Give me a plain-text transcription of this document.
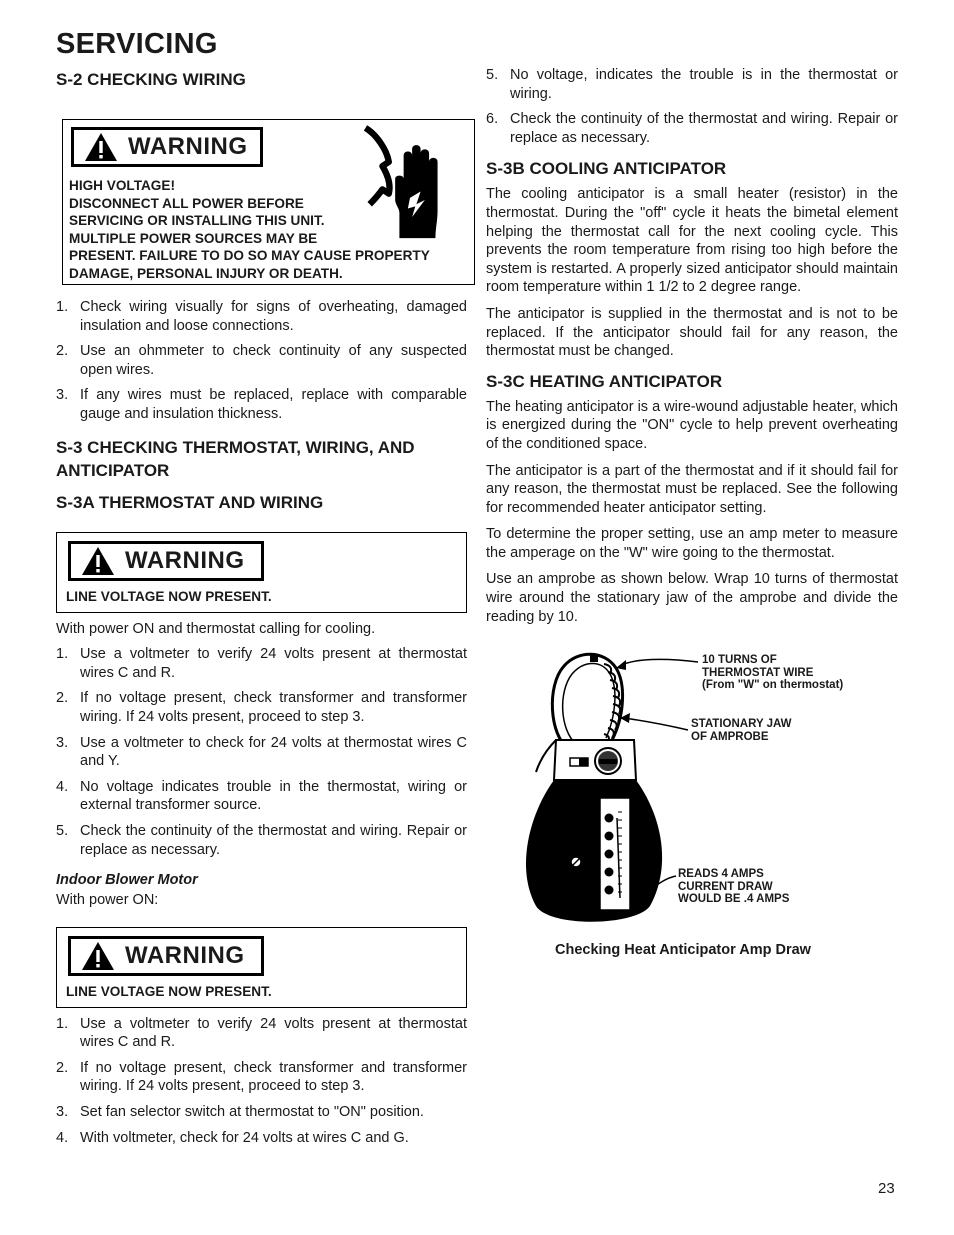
SERVICING
S-2 CHECKING WIRING
WARNING
HIGH VOLTAGE!
DISCONNECT ALL POWER BEFORE
SERVICING OR INSTALLING THIS UNIT.
MULTIPLE POWER SOURCES MAY BE
PRESENT. FAILURE TO DO SO MAY CAUSE PROPERTY
DAMAGE, PERSONAL INJURY OR DEATH.
1. Check wiring visually for signs of overheating, damaged insulation and loose connections.
2. Use an ohmmeter to check continuity of any suspected open wires.
3. If any wires must be replaced, replace with comparable gauge and insulation thickness.
S-3 CHECKING THERMOSTAT, WIRING, AND ANTICIPATOR
S-3A THERMOSTAT AND WIRING
WARNING
LINE VOLTAGE NOW PRESENT.

With power ON and thermostat calling for cooling.

1. Use a voltmeter to verify 24 volts present at thermostat wires C and R.
2. If no voltage present, check transformer and transformer wiring. If 24 volts present, proceed to step 3.
3. Use a voltmeter to check for 24 volts at thermostat wires C and Y.
4. No voltage indicates trouble in the thermostat, wiring or external transformer source.
5. Check the continuity of the thermostat and wiring. Repair or replace as necessary.

Indoor Blower Motor

With power ON:

WARNING
LINE VOLTAGE NOW PRESENT.
1. Use a voltmeter to verify 24 volts present at thermostat wires C and R.
2. If no voltage present, check transformer and transformer wiring. If 24 volts present, proceed to step 3.
3. Set fan selector switch at thermostat to "ON" position.
4. With voltmeter, check for 24 volts at wires C and G.
5. No voltage, indicates the trouble is in the thermostat or wiring.
6. Check the continuity of the thermostat and wiring. Repair or replace as necessary.
S-3B COOLING ANTICIPATOR

The cooling anticipator is a small heater (resistor) in the thermostat. During the "off" cycle it heats the bimetal element helping the thermostat call for the next cooling cycle. This prevents the room temperature from rising too high before the system is restarted. A properly sized anticipator should maintain room temperature within 1 1/2 to 2 degree range.

The anticipator is supplied in the thermostat and is not to be replaced. If the anticipator should fail for any reason, the thermostat must be changed.

S-3C HEATING ANTICIPATOR

The heating anticipator is a wire-wound adjustable heater, which is energized during the "ON" cycle to help prevent overheating of the conditioned space.

The anticipator is a part of the thermostat and if it should fail for any reason, the thermostat must be replaced. See the following for recommended heater anticipator setting.

To determine the proper setting, use an amp meter to measure the amperage on the "W" wire going to the thermostat.

Use an amprobe as shown below. Wrap 10 turns of thermostat wire around the stationary jaw of the amprobe and divide the reading by 10.

10 TURNS OF
THERMOSTAT WIRE
(From "W" on thermostat)
STATIONARY JAW
OF AMPROBE
READS 4 AMPS
CURRENT DRAW
WOULD BE .4 AMPS
Checking Heat Anticipator Amp Draw
23
